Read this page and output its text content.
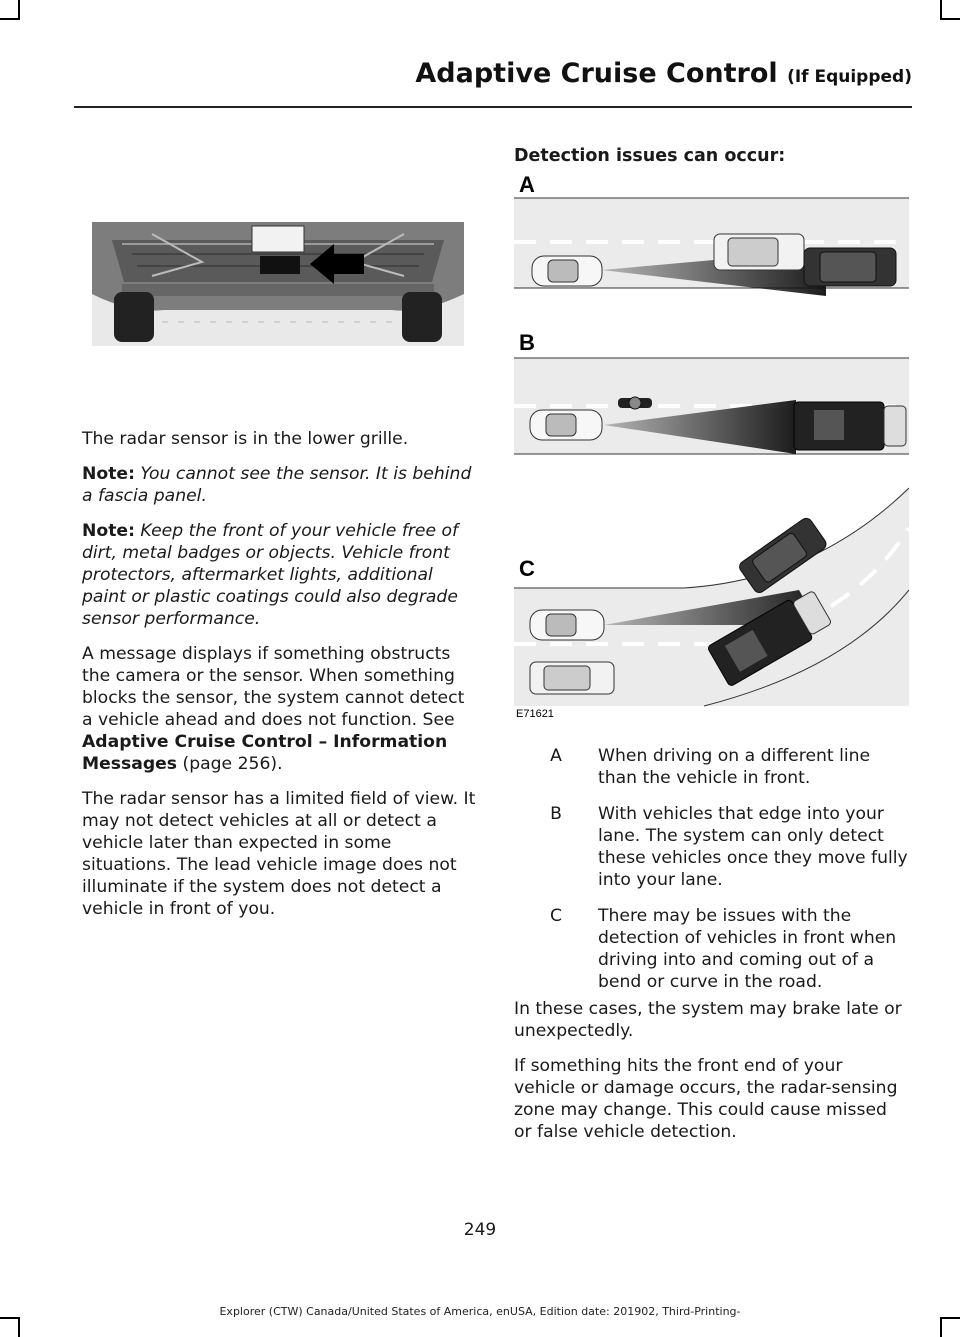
Adaptive Cruise Control (If Equipped)

The radar sensor is in the lower grille.

Note: You cannot see the sensor. It is behind a fascia panel.

Note: Keep the front of your vehicle free of dirt, metal badges or objects. Vehicle front protectors, aftermarket lights, additional paint or plastic coatings could also degrade sensor performance.

A message displays if something obstructs the camera or the sensor. When something blocks the sensor, the system cannot detect a vehicle ahead and does not function. See Adaptive Cruise Control – Information Messages (page 256).

The radar sensor has a limited field of view. It may not detect vehicles at all or detect a vehicle later than expected in some situations. The lead vehicle image does not illuminate if the system does not detect a vehicle in front of you.

Detection issues can occur:
A
B
C
E71621
A	When driving on a different line than the vehicle in front.
B	With vehicles that edge into your lane. The system can only detect these vehicles once they move fully into your lane.
C	There may be issues with the detection of vehicles in front when driving into and coming out of a bend or curve in the road.

In these cases, the system may brake late or unexpectedly.

If something hits the front end of your vehicle or damage occurs, the radar-sensing zone may change. This could cause missed or false vehicle detection.

249
Explorer (CTW) Canada/United States of America, enUSA, Edition date: 201902, Third-Printing-
